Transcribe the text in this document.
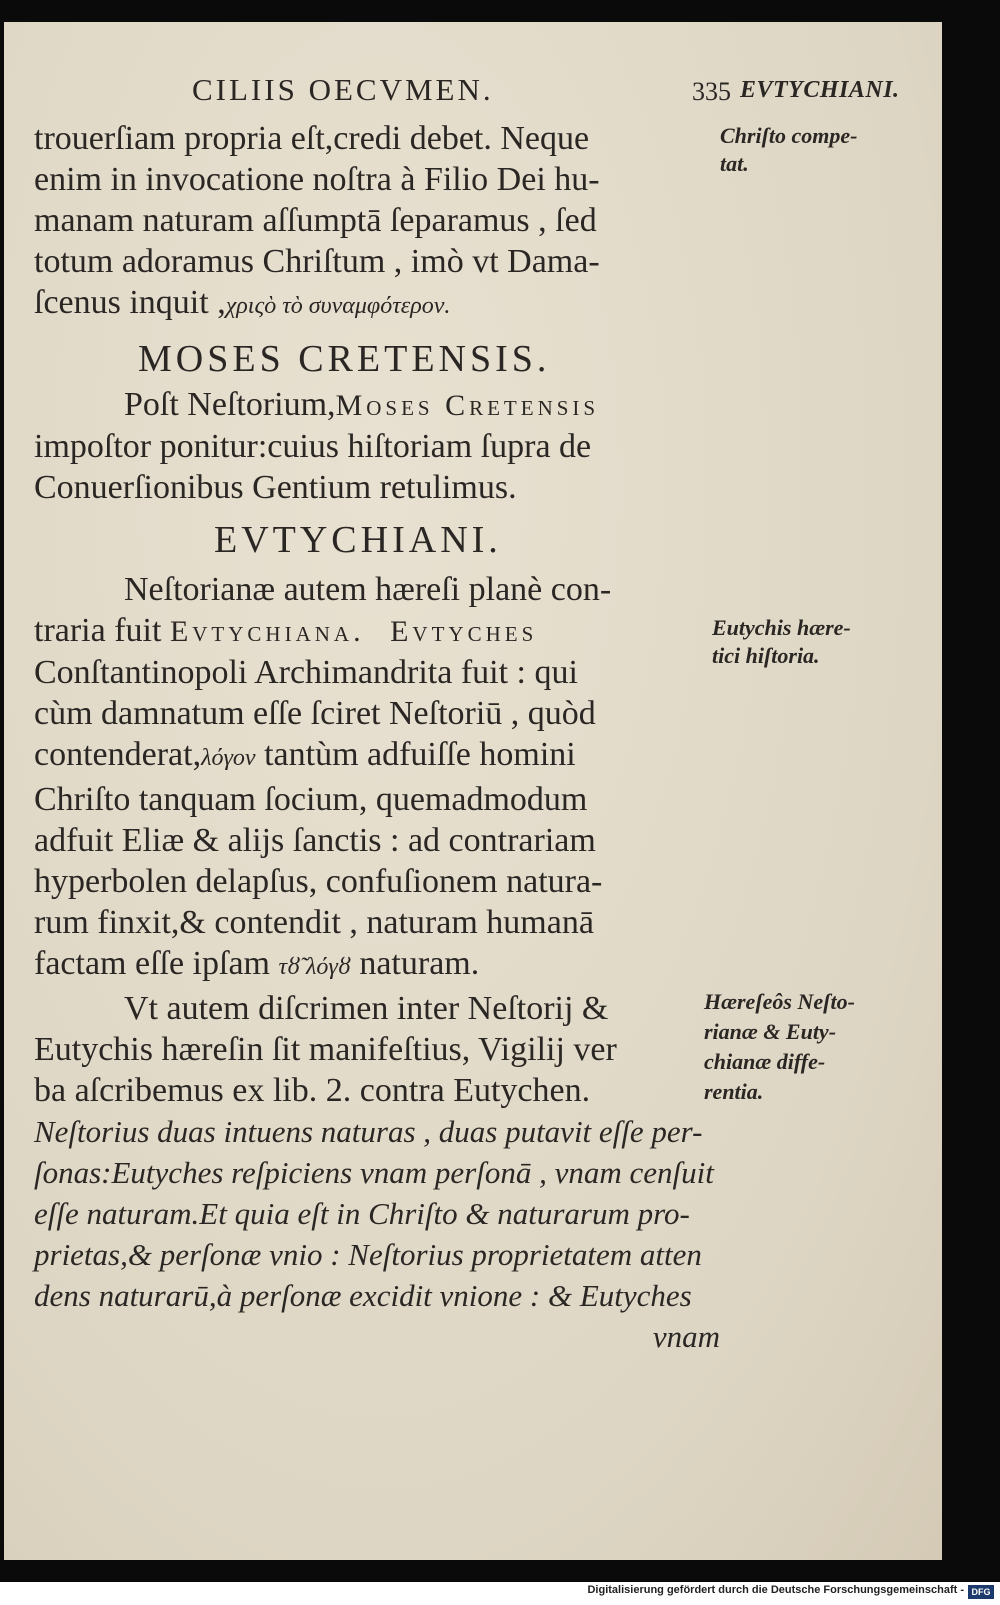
CILIIS OECVMEN.	335 EVTYCHIANI.

trouerſiam propria eſt,credi debet. Neque
enim in invocatione noſtra à Filio Dei hu-
manam naturam aſſumptā ſeparamus , ſed
totum adoramus Chriſtum , imò vt Dama-
ſcenus inquit ,χριςὸ τὸ συναμφότερον.

MOSES CRETENSIS.

Poſt Neſtorium,Moses Cretensis
impoſtor ponitur:cuius hiſtoriam ſupra de
Conuerſionibus Gentium retulimus.

EVTYCHIANI.

Neſtorianæ autem hæreſi planè con-
traria fuit Evtychiana. Evtyches
Conſtantinopoli Archimandrita fuit : qui
cùm damnatum eſſe ſciret Neſtoriū , quòd
contenderat,λόγον tantùm adfuiſſe homini
Chriſto tanquam ſocium, quemadmodum
adfuit Eliæ & alijs ſanctis : ad contrariam
hyperbolen delapſus, confuſionem natura-
rum finxit,& contendit , naturam humanā
factam eſſe ipſam τȣ̃ λόγȣ naturam.

Vt autem diſcrimen inter Neſtorij &
Eutychis hæreſin ſit manifeſtius, Vigilij ver
ba aſcribemus ex lib. 2. contra Eutychen.

Neſtorius duas intuens naturas , duas putavit eſſe per-
ſonas:Eutyches reſpiciens vnam perſonā , vnam cenſuit
eſſe naturam.Et quia eſt in Chriſto & naturarum pro-
prietas,& perſonæ vnio : Neſtorius proprietatem atten
dens naturarū,à perſonæ excidit vnione : & Eutyches
vnam

Chriſto compe-
tat.
Eutychis hære-
tici hiſtoria.
Hæreſeôs Neſto-
rianæ & Euty-
chianæ diffe-
rentia.
Digitalisierung gefördert durch die Deutsche Forschungsgemeinschaft - DFG
